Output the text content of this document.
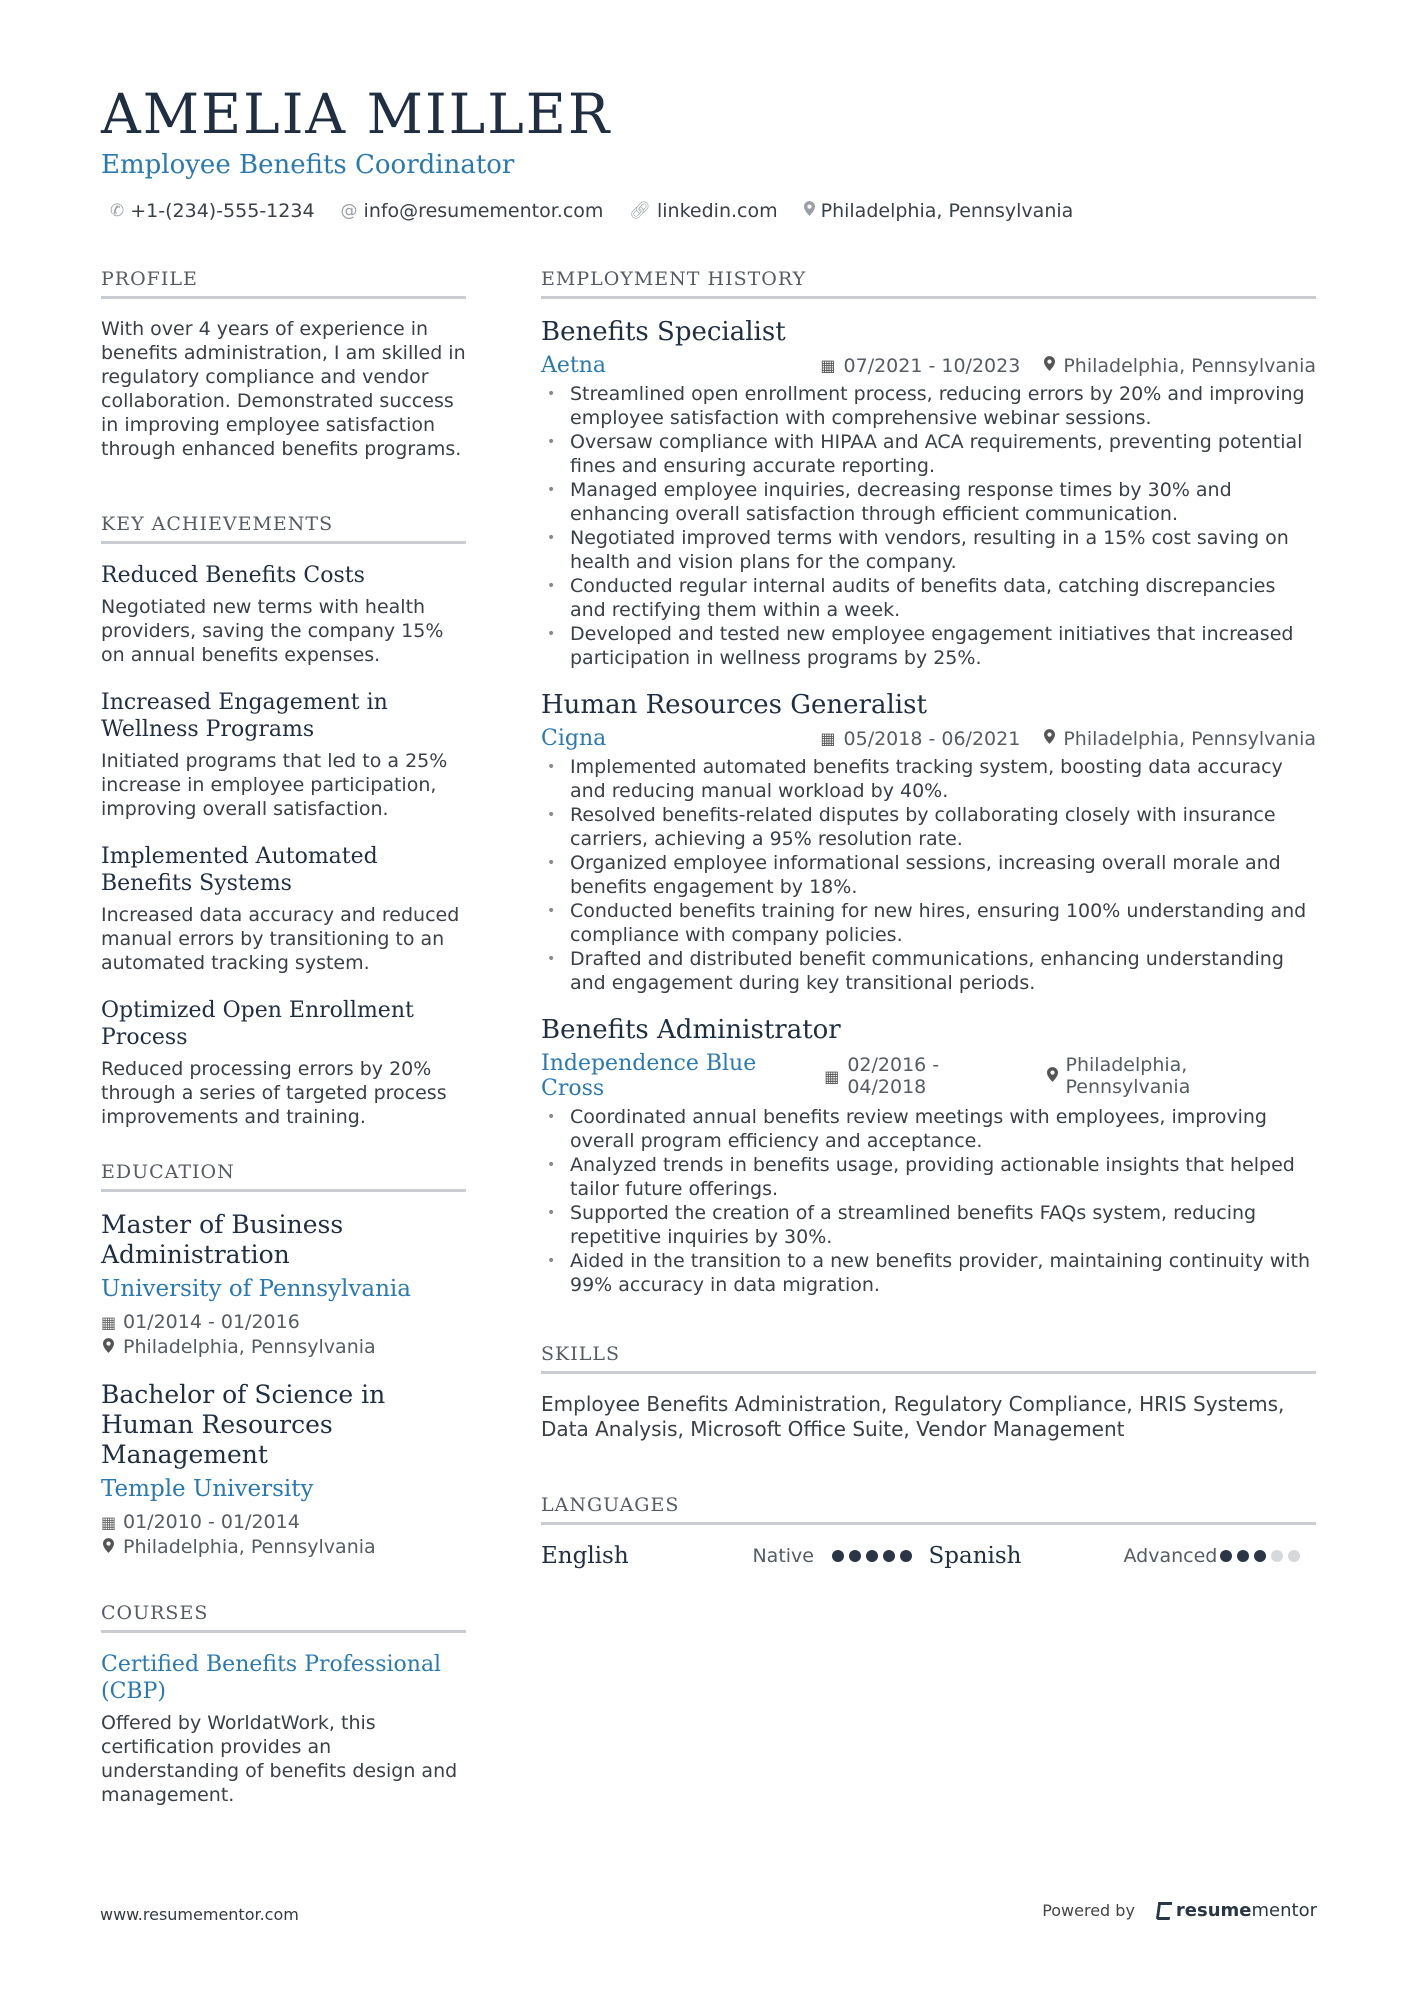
AMELIA MILLER
Employee Benefits Coordinator
✆ +1-(234)-555-1234 @ info@resumementor.com 🔗︎ linkedin.com Philadelphia, Pennsylvania
PROFILE

With over 4 years of experience in benefits administration, I am skilled in regulatory compliance and vendor collaboration. Demonstrated success in improving employee satisfaction through enhanced benefits programs.

KEY ACHIEVEMENTS
Reduced Benefits Costs

Negotiated new terms with health providers, saving the company 15% on annual benefits expenses.

Increased Engagement in Wellness Programs

Initiated programs that led to a 25% increase in employee participation, improving overall satisfaction.

Implemented Automated Benefits Systems

Increased data accuracy and reduced manual errors by transitioning to an automated tracking system.

Optimized Open Enrollment Process

Reduced processing errors by 20% through a series of targeted process improvements and training.

EDUCATION
Master of Business Administration
University of Pennsylvania
▦ 01/2014 - 01/2016
Philadelphia, Pennsylvania
Bachelor of Science in Human Resources Management
Temple University
▦ 01/2010 - 01/2014
Philadelphia, Pennsylvania
COURSES
Certified Benefits Professional (CBP)

Offered by WorldatWork, this certification provides an understanding of benefits design and management.

EMPLOYMENT HISTORY
Benefits Specialist
Aetna	▦ 07/2021 - 10/2023 Philadelphia, Pennsylvania
• Streamlined open enrollment process, reducing errors by 20% and improving employee satisfaction with comprehensive webinar sessions.
• Oversaw compliance with HIPAA and ACA requirements, preventing potential fines and ensuring accurate reporting.
• Managed employee inquiries, decreasing response times by 30% and enhancing overall satisfaction through efficient communication.
• Negotiated improved terms with vendors, resulting in a 15% cost saving on health and vision plans for the company.
• Conducted regular internal audits of benefits data, catching discrepancies and rectifying them within a week.
• Developed and tested new employee engagement initiatives that increased participation in wellness programs by 25%.
Human Resources Generalist
Cigna	▦ 05/2018 - 06/2021 Philadelphia, Pennsylvania
• Implemented automated benefits tracking system, boosting data accuracy and reducing manual workload by 40%.
• Resolved benefits-related disputes by collaborating closely with insurance carriers, achieving a 95% resolution rate.
• Organized employee informational sessions, increasing overall morale and benefits engagement by 18%.
• Conducted benefits training for new hires, ensuring 100% understanding and compliance with company policies.
• Drafted and distributed benefit communications, enhancing understanding and engagement during key transitional periods.
Benefits Administrator
Independence Blue Cross	▦ 02/2016 - 04/2018
Philadelphia, Pennsylvania
• Coordinated annual benefits review meetings with employees, improving overall program efficiency and acceptance.
• Analyzed trends in benefits usage, providing actionable insights that helped tailor future offerings.
• Supported the creation of a streamlined benefits FAQs system, reducing repetitive inquiries by 30%.
• Aided in the transition to a new benefits provider, maintaining continuity with 99% accuracy in data migration.
SKILLS

Employee Benefits Administration, Regulatory Compliance, HRIS Systems, Data Analysis, Microsoft Office Suite, Vendor Management

LANGUAGES
English	Native	Spanish	Advanced
www.resumementor.com	Powered by resume mentor
